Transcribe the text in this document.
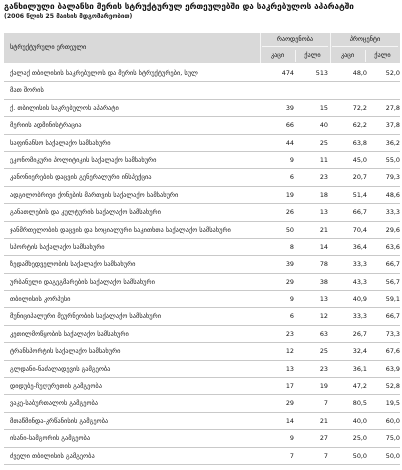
განხილული ბალანსი მერის სტრუქტურულ ერთეულებში და საკრებულოს აპარატში
(2006 წლის 25 მაისის მდგომარეობით)
სტრუქტურული ერთეული
რაოდენობა	პროცენტი
კაცი	ქალი	კაცი	ქალი
ქალაქ თბილისის საკრებულოს და მერის სტრუქტურები, სულ	474	513	48,0	52,0
მათ შორის
ქ. თბილისის საკრებულოს აპარატი	39	15	72,2	27,8
მერიის ადმინისტრაცია	66	40	62,2	37,8
საფინანსო საქალაქო სამსახური	44	25	63,8	36,2
ეკონომიკური პოლიტიკის საქალაქო სამსახური	9	11	45,0	55,0
კანონიერების დაცვის გენერალური ინსპექცია	6	23	20,7	79,3
ადგილობრივი ქონების მართვის საქალაქო სამსახური	19	18	51,4	48,6
განათლების და კულტურის საქალაქო სამსახური	26	13	66,7	33,3
ჯანმრთელობის დაცვის და სოციალური საკითხთა საქალაქო სამსახური	50	21	70,4	29,6
სპორტის საქალაქო სამსახური	8	14	36,4	63,6
ზედამხედველობის საქალაქო სამსახური	39	78	33,3	66,7
ურბანული დაგეგმარების საქალაქო სამსახური	29	38	43,3	56,7
თბილისის კორპუსი	9	13	40,9	59,1
მუნიციპალური მეურნეობის საქალაქო სამსახური	6	12	33,3	66,7
კეთილმოწყობის საქალაქო სამსახური	23	63	26,7	73,3
ტრანსპორტის საქალაქო სამსახური	12	25	32,4	67,6
გლდანი-ნაძალადევის გამგეობა	13	23	36,1	63,9
დიდუბე-ჩუღურეთის გამგეობა	17	19	47,2	52,8
ვაკე-საბურთალოს გამგეობა	29	7	80,5	19,5
მთაწმინდა-კრწანისის გამგეობა	14	21	40,0	60,0
ისანი-სამგორის გამგეობა	9	27	25,0	75,0
ძველი თბილისის გამგეობა	7	7	50,0	50,0
